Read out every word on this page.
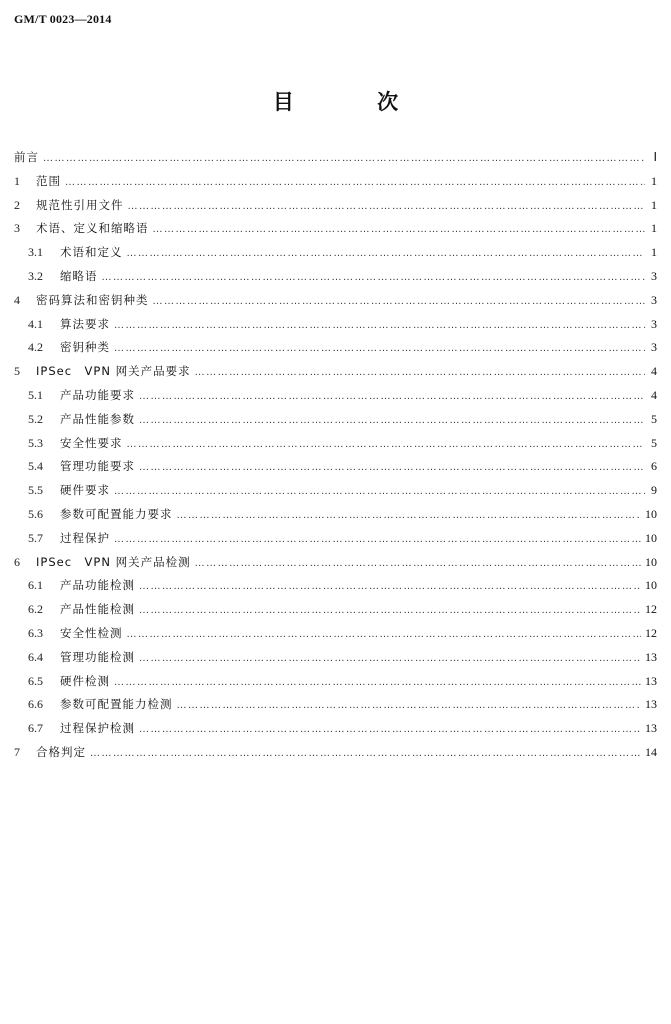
GM/T 0023—2014
目 次
前言 ……………………………………………………………………………………………………………………………………………………………………………………………………………………	Ⅰ
1	范围 ……………………………………………………………………………………………………………………………………………………………………………………………………………………	1
2	规范性引用文件 ……………………………………………………………………………………………………………………………………………………………………………………………………………………	1
3	术语、定义和缩略语 ……………………………………………………………………………………………………………………………………………………………………………………………………………………	1
3.1	术语和定义 ……………………………………………………………………………………………………………………………………………………………………………………………………………………	1
3.2	缩略语 ……………………………………………………………………………………………………………………………………………………………………………………………………………………	3
4	密码算法和密钥种类 ……………………………………………………………………………………………………………………………………………………………………………………………………………………	3
4.1	算法要求 ……………………………………………………………………………………………………………………………………………………………………………………………………………………	3
4.2	密钥种类 ……………………………………………………………………………………………………………………………………………………………………………………………………………………	3
5	IPSec　VPN 网关产品要求 ……………………………………………………………………………………………………………………………………………………………………………………………………………………	4
5.1	产品功能要求 ……………………………………………………………………………………………………………………………………………………………………………………………………………………	4
5.2	产品性能参数 ……………………………………………………………………………………………………………………………………………………………………………………………………………………	5
5.3	安全性要求 ……………………………………………………………………………………………………………………………………………………………………………………………………………………	5
5.4	管理功能要求 ……………………………………………………………………………………………………………………………………………………………………………………………………………………	6
5.5	硬件要求 ……………………………………………………………………………………………………………………………………………………………………………………………………………………	9
5.6	参数可配置能力要求 ……………………………………………………………………………………………………………………………………………………………………………………………………………………	10
5.7	过程保护 ……………………………………………………………………………………………………………………………………………………………………………………………………………………	10
6	IPSec　VPN 网关产品检测 ……………………………………………………………………………………………………………………………………………………………………………………………………………………	10
6.1	产品功能检测 ……………………………………………………………………………………………………………………………………………………………………………………………………………………	10
6.2	产品性能检测 ……………………………………………………………………………………………………………………………………………………………………………………………………………………	12
6.3	安全性检测 ……………………………………………………………………………………………………………………………………………………………………………………………………………………	12
6.4	管理功能检测 ……………………………………………………………………………………………………………………………………………………………………………………………………………………	13
6.5	硬件检测 ……………………………………………………………………………………………………………………………………………………………………………………………………………………	13
6.6	参数可配置能力检测 ……………………………………………………………………………………………………………………………………………………………………………………………………………………	13
6.7	过程保护检测 ……………………………………………………………………………………………………………………………………………………………………………………………………………………	13
7	合格判定 ……………………………………………………………………………………………………………………………………………………………………………………………………………………	14
